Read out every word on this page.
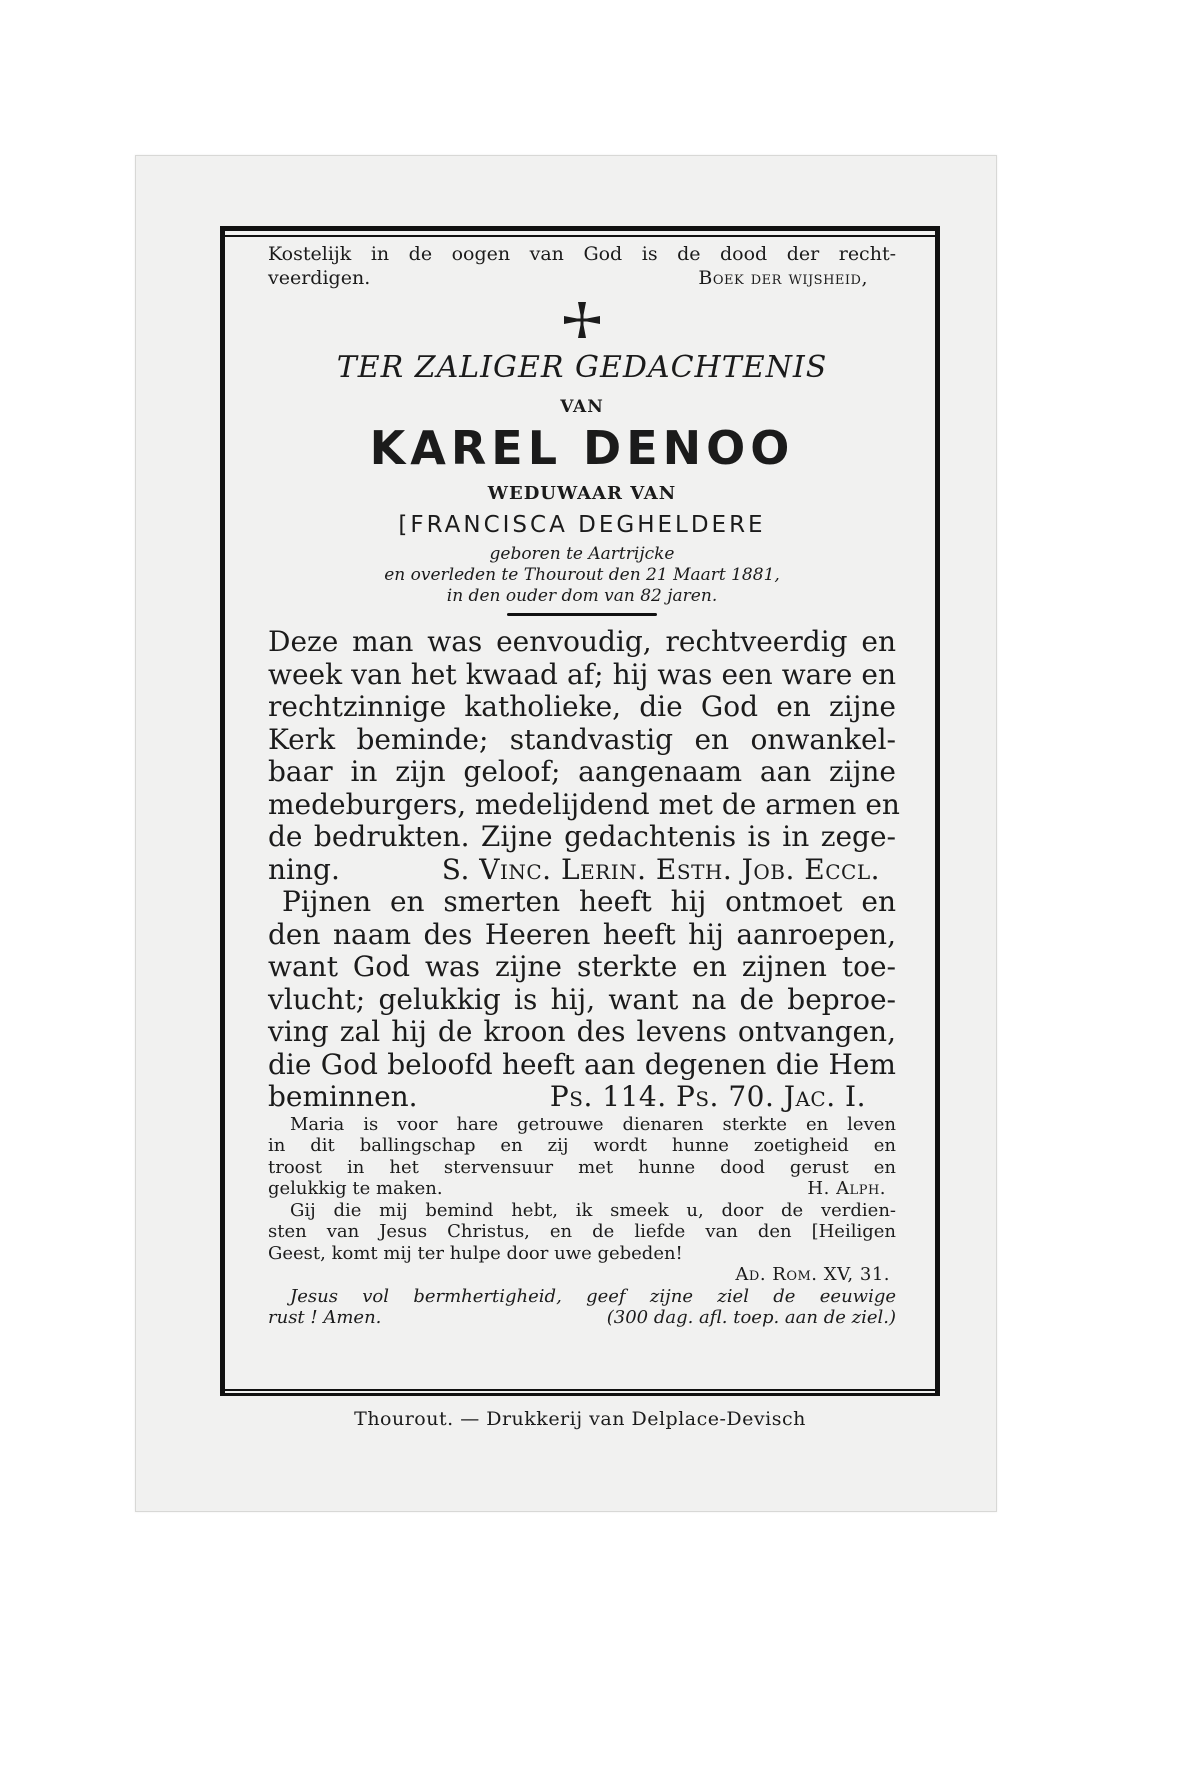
Kostelijk in de oogen van God is de dood der recht-
veerdigen.	Boek der wijsheid,
TER ZALIGER GEDACHTENIS
VAN
KAREL DENOO
WEDUWAAR VAN
[FRANCISCA DEGHELDERE
geboren te Aartrijcke
en overleden te Thourout den 21 Maart 1881,
in den ouder dom van 82 jaren.
Deze man was eenvoudig, rechtveerdig en
week van het kwaad af; hij was een ware en
rechtzinnige katholieke, die God en zijne
Kerk beminde; standvastig en onwankel-
baar in zijn geloof; aangenaam aan zijne
medeburgers, medelijdend met de armen en
de bedrukten. Zijne gedachtenis is in zege-
ning.	S. Vinc. Lerin. Esth. Job. Eccl.
Pijnen en smerten heeft hij ontmoet en
den naam des Heeren heeft hij aanroepen,
want God was zijne sterkte en zijnen toe-
vlucht; gelukkig is hij, want na de beproe-
ving zal hij de kroon des levens ontvangen,
die God beloofd heeft aan degenen die Hem
beminnen.	Ps. 114. Ps. 70. Jac. I.
Maria is voor hare getrouwe dienaren sterkte en leven
in dit ballingschap en zij wordt hunne zoetigheid en
troost in het stervensuur met hunne dood gerust en
gelukkig te maken.	H. Alph.
Gij die mij bemind hebt, ik smeek u, door de verdien-
sten van Jesus Christus, en de liefde van den [Heiligen
Geest, komt mij ter hulpe door uwe gebeden!
Ad. Rom. XV, 31.
Jesus vol bermhertigheid, geef zijne ziel de eeuwige
rust ! Amen.	(300 dag. afl. toep. aan de ziel.)
Thourout. — Drukkerij van Delplace-Devisch
